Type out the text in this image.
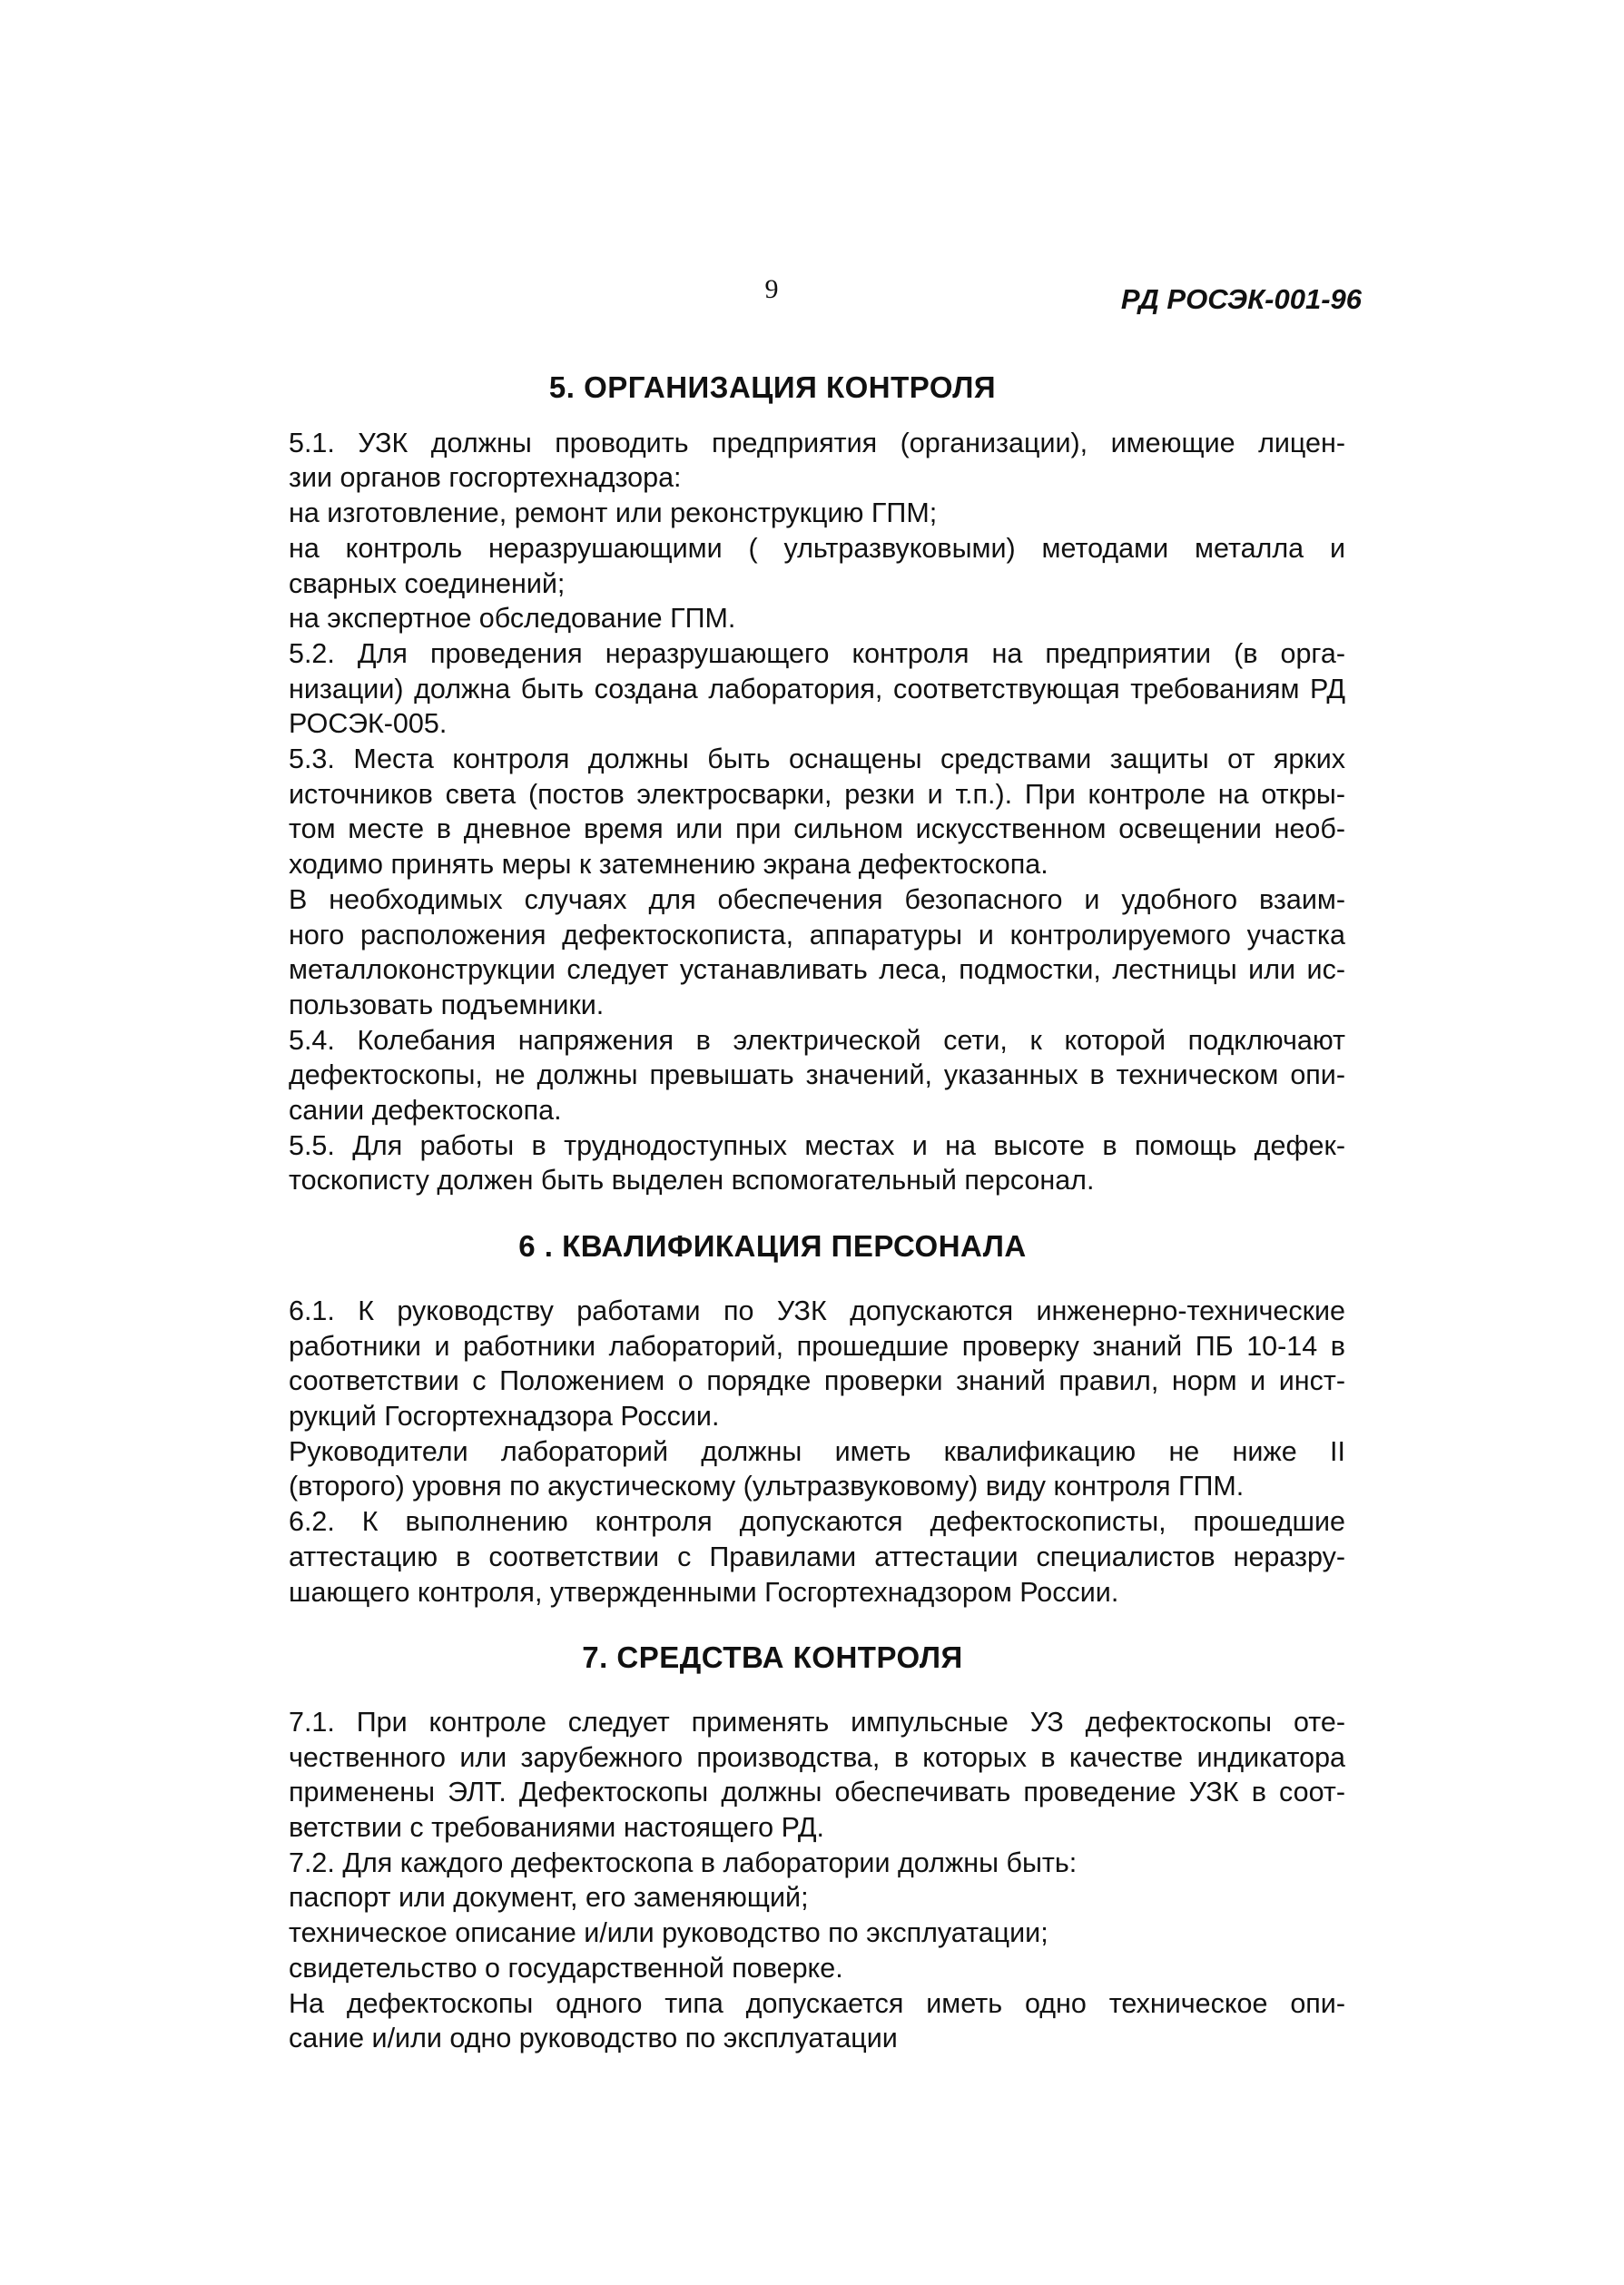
9	РД РОСЭК-001-96
5. ОРГАНИЗАЦИЯ КОНТРОЛЯ

5.1. УЗК должны проводить предприятия (организации), имеющие лицен-
зии органов госгортехнадзора:

на изготовление, ремонт или реконструкцию ГПМ;

на контроль неразрушающими ( ультразвуковыми) методами металла и
сварных соединений;

на экспертное обследование ГПМ.

5.2. Для проведения неразрушающего контроля на предприятии (в орга-
низации) должна быть создана лаборатория, соответствующая требованиям РД
РОСЭК-005.

5.3. Места контроля должны быть оснащены средствами защиты от ярких
источников света (постов электросварки, резки и т.п.). При контроле на откры-
том месте в дневное время или при сильном искусственном освещении необ-
ходимо принять меры к затемнению экрана дефектоскопа.

В необходимых случаях для обеспечения безопасного и удобного взаим-
ного расположения дефектоскописта, аппаратуры и контролируемого участка
металлоконструкции следует устанавливать леса, подмостки, лестницы или ис-
пользовать подъемники.

5.4. Колебания напряжения в электрической сети, к которой подключают
дефектоскопы, не должны превышать значений, указанных в техническом опи-
сании дефектоскопа.

5.5. Для работы в труднодоступных местах и на высоте в помощь дефек-
тоскописту должен быть выделен вспомогательный персонал.

6 . КВАЛИФИКАЦИЯ ПЕРСОНАЛА

6.1. К руководству работами по УЗК допускаются инженерно-технические
работники и работники лабораторий, прошедшие проверку знаний ПБ 10-14 в
соответствии с Положением о порядке проверки знаний правил, норм и инст-
рукций Госгортехнадзора России.

Руководители лабораторий должны иметь квалификацию не ниже II
(второго) уровня по акустическому (ультразвуковому) виду контроля ГПМ.

6.2. К выполнению контроля допускаются дефектоскописты, прошедшие
аттестацию в соответствии с Правилами аттестации специалистов неразру-
шающего контроля, утвержденными Госгортехнадзором России.

7. СРЕДСТВА КОНТРОЛЯ

7.1. При контроле следует применять импульсные УЗ дефектоскопы оте-
чественного или зарубежного производства, в которых в качестве индикатора
применены ЭЛТ. Дефектоскопы должны обеспечивать проведение УЗК в соот-
ветствии с требованиями настоящего РД.

7.2. Для каждого дефектоскопа в лаборатории должны быть:

паспорт или документ, его заменяющий;

техническое описание и/или руководство по эксплуатации;

свидетельство о государственной поверке.

На дефектоскопы одного типа допускается иметь одно техническое опи-
сание и/или одно руководство по эксплуатации
